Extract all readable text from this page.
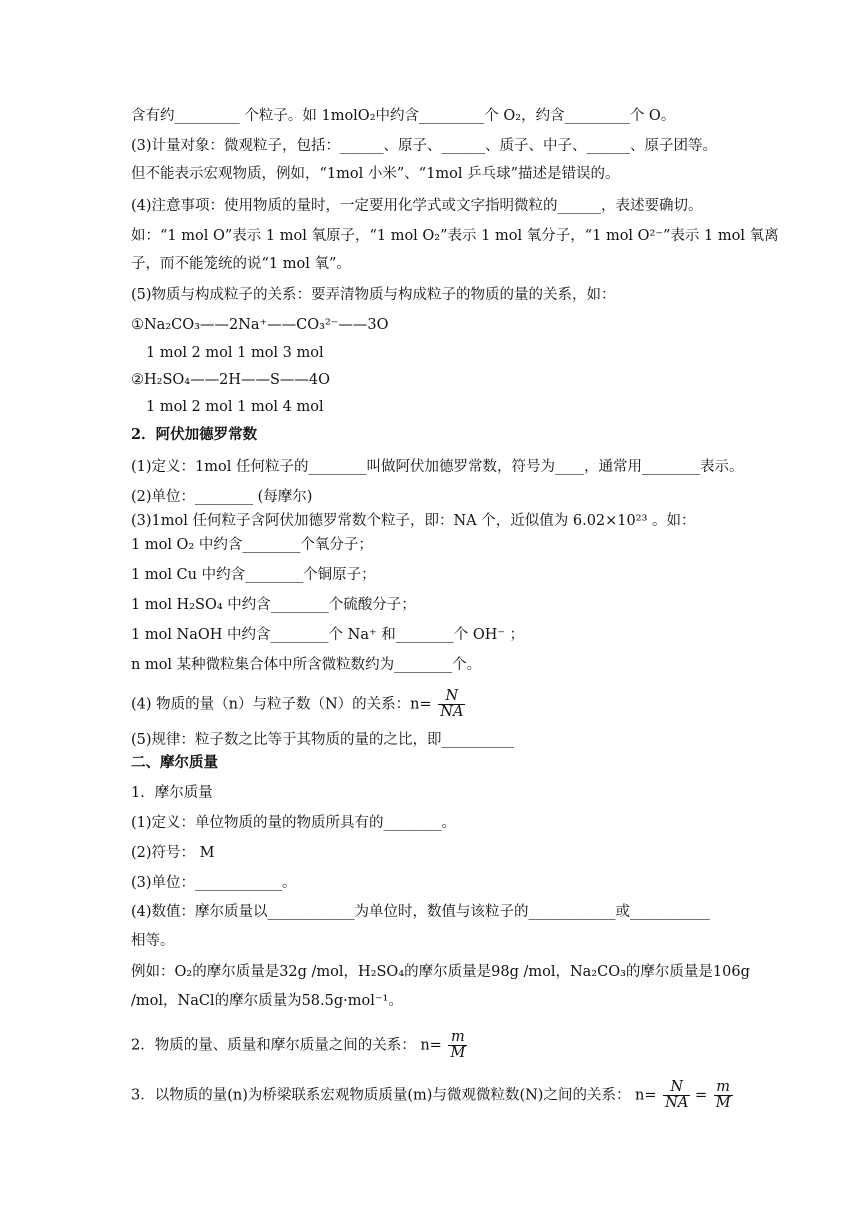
含有约_________ 个粒子。如 1molO₂中约含_________个 O₂，约含_________个 O。
(3)计量对象：微观粒子，包括：______、原子、______、质子、中子、______、原子团等。
但不能表示宏观物质，例如，“1mol 小米”、“1mol 乒乓球”描述是错误的。
(4)注意事项：使用物质的量时，一定要用化学式或文字指明微粒的______，表述要确切。
如：“1 mol O”表示 1 mol 氧原子，“1 mol O₂”表示 1 mol 氧分子，“1 mol O²⁻”表示 1 mol 氧离
子，而不能笼统的说“1 mol 氧”。
(5)物质与构成粒子的关系：要弄清物质与构成粒子的物质的量的关系，如：
①Na₂CO₃——2Na⁺——CO₃²⁻——3O
1 mol 2 mol 1 mol 3 mol
②H₂SO₄——2H——S——4O
1 mol 2 mol 1 mol 4 mol
2．阿伏加德罗常数
(1)定义：1mol 任何粒子的________叫做阿伏加德罗常数，符号为____，通常用________表示。
(2)单位：________ (每摩尔)
(3)1mol 任何粒子含阿伏加德罗常数个粒子，即：NA 个，近似值为 6.02×10²³ 。如：
1 mol O₂ 中约含________个氧分子；
1 mol Cu 中约含________个铜原子；
1 mol H₂SO₄ 中约含________个硫酸分子；
1 mol NaOH 中约含________个 Na⁺ 和________个 OH⁻ ；
n mol 某种微粒集合体中所含微粒数约为________个。
(4) 物质的量（n）与粒子数（N）的关系：$n= \frac{N}{NA}$
(5)规律：粒子数之比等于其物质的量的之比，即__________
二、摩尔质量
1．摩尔质量
(1)定义：单位物质的量的物质所具有的________。
(2)符号： M
(3)单位：____________。
(4)数值：摩尔质量以____________为单位时，数值与该粒子的____________或___________
相等。
例如：O₂的摩尔质量是32g /mol，H₂SO₄的摩尔质量是98g /mol，Na₂CO₃的摩尔质量是106g
/mol，NaCl的摩尔质量为58.5g·mol⁻¹。
2．物质的量、质量和摩尔质量之间的关系： $n= \frac{m}{M}$
3．以物质的量(n)为桥梁联系宏观物质质量(m)与微观微粒数(N)之间的关系： $n= \frac{N}{NA} = \frac{m}{M}$
